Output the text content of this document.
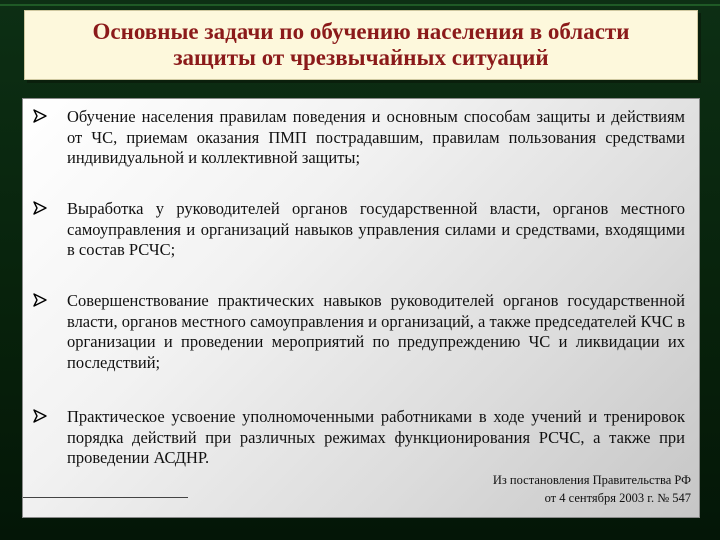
Основные задачи по обучению населения в области
защиты от чрезвычайных ситуаций
Обучение населения правилам поведения и основным способам защиты и действиям от ЧС, приемам оказания ПМП пострадавшим, правилам пользования средствами индивидуальной и коллективной защиты;
Выработка у руководителей органов государственной власти, органов местного самоуправления и организаций навыков управления силами и средствами, входящими в состав РСЧС;
Совершенствование практических навыков руководителей органов государственной власти, органов местного самоуправления и организаций, а также председателей КЧС в организации и проведении мероприятий по предупреждению ЧС и ликвидации их последствий;
Практическое усвоение уполномоченными работниками в ходе учений и тренировок порядка действий при различных режимах функционирования РСЧС, а также при проведении АСДНР.
Из постановления Правительства РФ
от 4 сентября 2003 г. № 547
